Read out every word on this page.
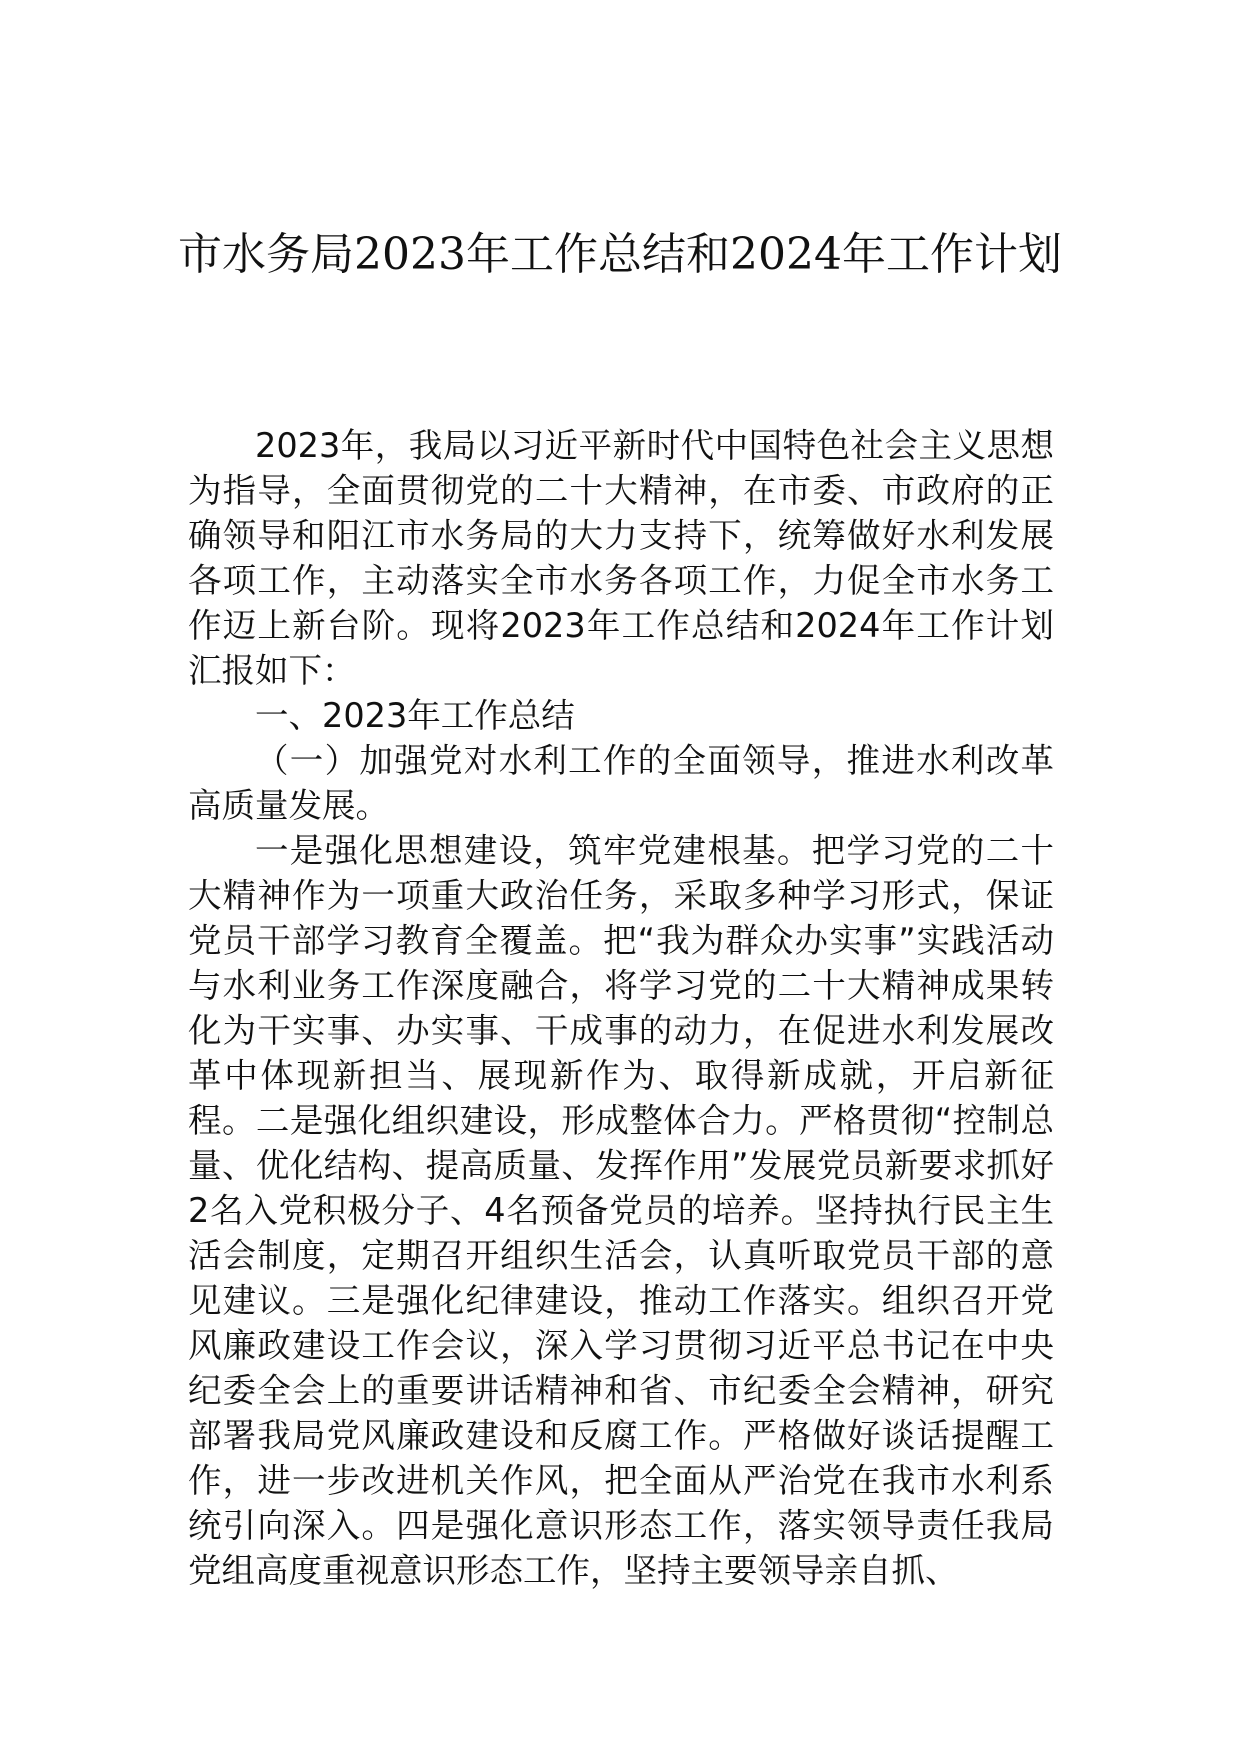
市水务局2023年工作总结和2024年工作计划

2023年，我局以习近平新时代中国特色社会主义思想为指导，全面贯彻党的二十大精神，在市委、市政府的正确领导和阳江市水务局的大力支持下，统筹做好水利发展各项工作，主动落实全市水务各项工作，力促全市水务工作迈上新台阶。现将2023年工作总结和2024年工作计划汇报如下：

一、2023年工作总结

（一）加强党对水利工作的全面领导，推进水利改革高质量发展。

一是强化思想建设，筑牢党建根基。把学习党的二十大精神作为一项重大政治任务，采取多种学习形式，保证党员干部学习教育全覆盖。把“我为群众办实事”实践活动与水利业务工作深度融合，将学习党的二十大精神成果转化为干实事、办实事、干成事的动力，在促进水利发展改革中体现新担当、展现新作为、取得新成就，开启新征程。二是强化组织建设，形成整体合力。严格贯彻“控制总量、优化结构、提高质量、发挥作用”发展党员新要求抓好2名入党积极分子、4名预备党员的培养。坚持执行民主生活会制度，定期召开组织生活会，认真听取党员干部的意见建议。三是强化纪律建设，推动工作落实。组织召开党风廉政建设工作会议，深入学习贯彻习近平总书记在中央纪委全会上的重要讲话精神和省、市纪委全会精神，研究部署我局党风廉政建设和反腐工作。严格做好谈话提醒工作，进一步改进机关作风，把全面从严治党在我市水利系统引向深入。四是强化意识形态工作，落实领导责任我局党组高度重视意识形态工作，坚持主要领导亲自抓、
